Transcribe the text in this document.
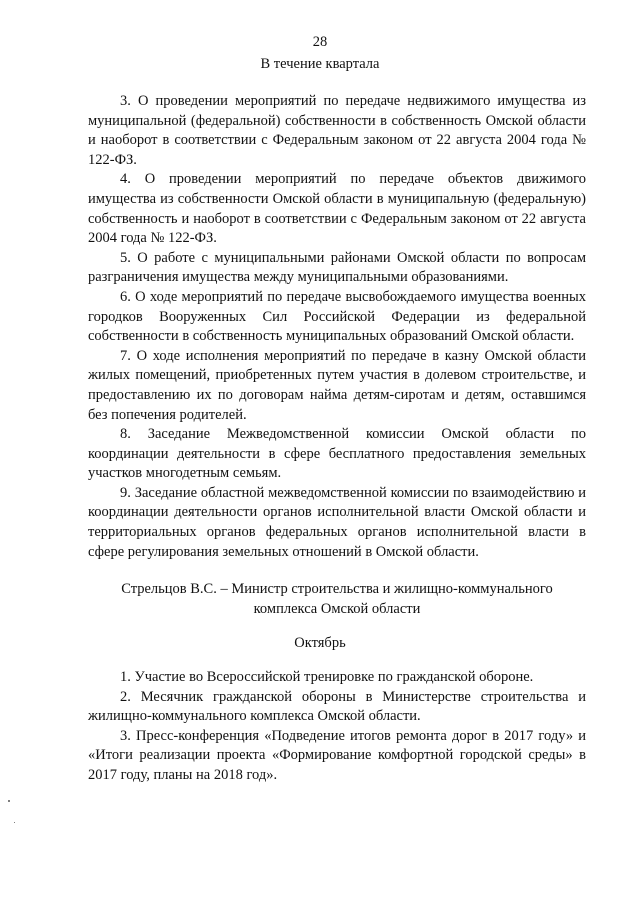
28
В течение квартала

3. О проведении мероприятий по передаче недвижимого имущества из муниципальной (федеральной) собственности в собственность Омской области и наоборот в соответствии с Федеральным законом от 22 августа 2004 года № 122-ФЗ.

4. О проведении мероприятий по передаче объектов движимого имущества из собственности Омской области в муниципальную (федеральную) собственность и наоборот в соответствии с Федеральным законом от 22 августа 2004 года № 122-ФЗ.

5. О работе с муниципальными районами Омской области по вопросам разграничения имущества между муниципальными образованиями.

6. О ходе мероприятий по передаче высвобождаемого имущества военных городков Вооруженных Сил Российской Федерации из федеральной собственности в собственность муниципальных образований Омской области.

7. О ходе исполнения мероприятий по передаче в казну Омской области жилых помещений, приобретенных путем участия в долевом строительстве, и предоставлению их по договорам найма детям-сиротам и детям, оставшимся без попечения родителей.

8. Заседание Межведомственной комиссии Омской области по координации деятельности в сфере бесплатного предоставления земельных участков многодетным семьям.

9. Заседание областной межведомственной комиссии по взаимодействию и координации деятельности органов исполнительной власти Омской области и территориальных органов федеральных органов исполнительной власти в сфере регулирования земельных отношений в Омской области.

Стрельцов В.С. – Министр строительства и жилищно-коммунального комплекса Омской области
Октябрь

1. Участие во Всероссийской тренировке по гражданской обороне.

2. Месячник гражданской обороны в Министерстве строительства и жилищно-коммунального комплекса Омской области.

3. Пресс-конференция «Подведение итогов ремонта дорог в 2017 году» и «Итоги реализации проекта «Формирование комфортной городской среды» в 2017 году, планы на 2018 год».
